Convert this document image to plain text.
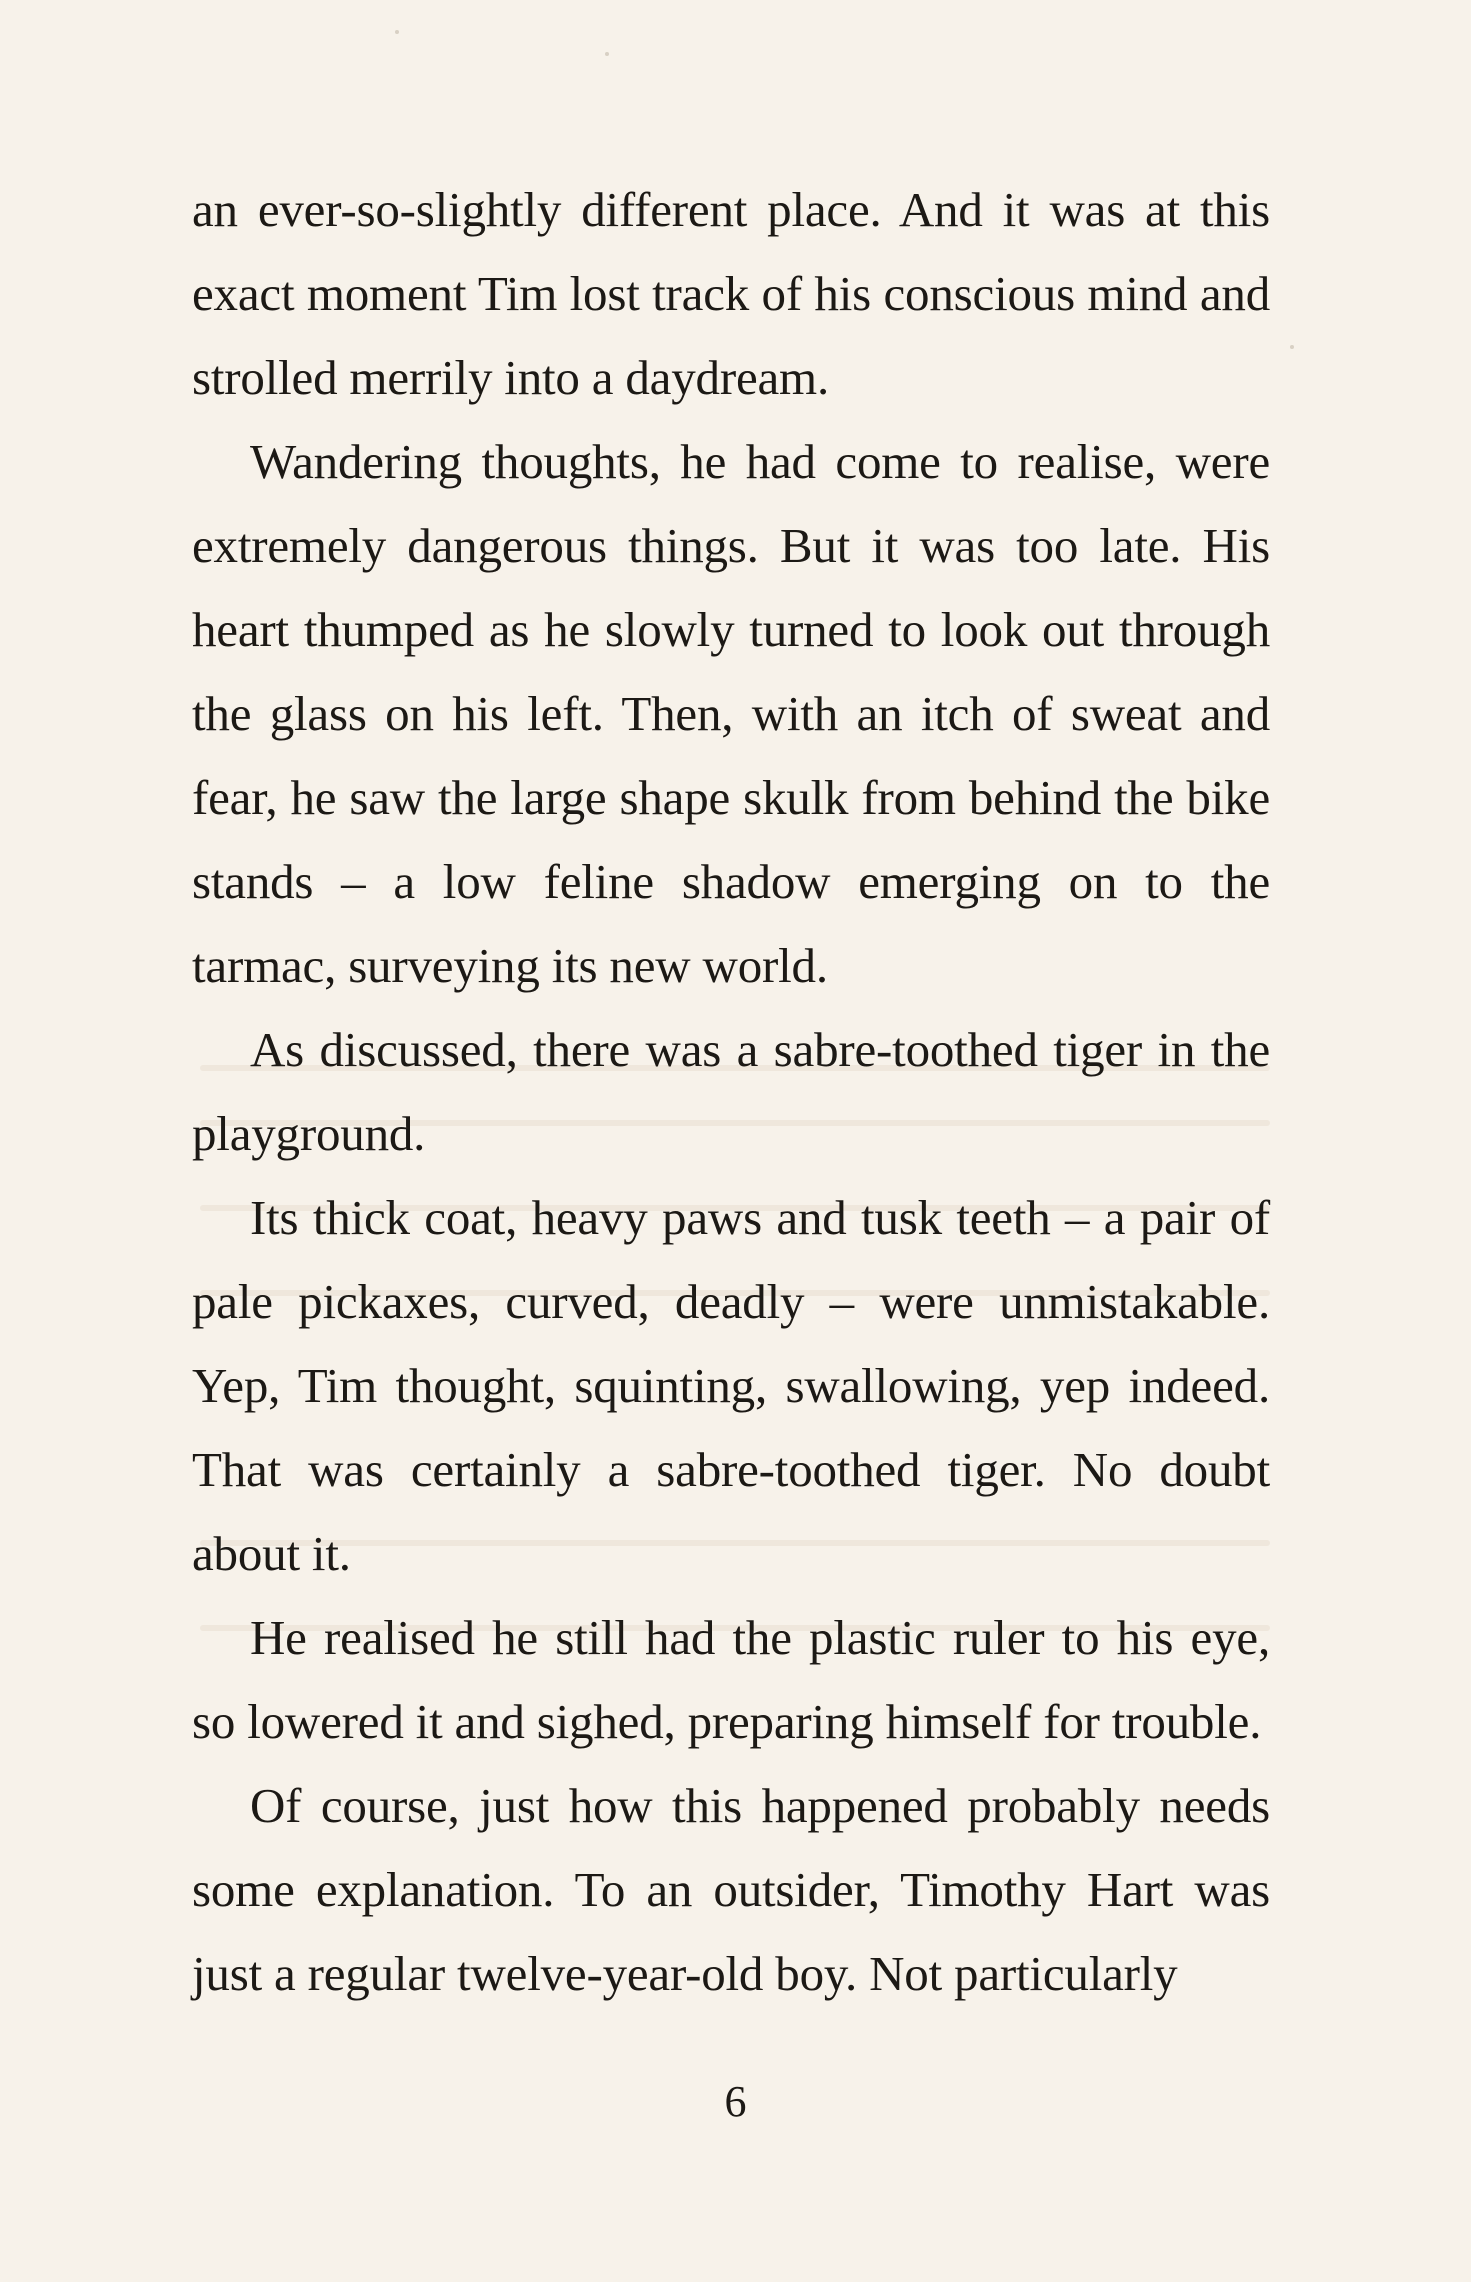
an ever-so-slightly different place. And it was at this exact moment Tim lost track of his conscious mind and strolled merrily into a daydream.

Wandering thoughts, he had come to realise, were extremely dangerous things. But it was too late. His heart thumped as he slowly turned to look out through the glass on his left. Then, with an itch of sweat and fear, he saw the large shape skulk from behind the bike stands – a low feline shadow emerging on to the tarmac, surveying its new world.

As discussed, there was a sabre-toothed tiger in the playground.

Its thick coat, heavy paws and tusk teeth – a pair of pale pickaxes, curved, deadly – were unmistakable. Yep, Tim thought, squinting, swallowing, yep indeed. That was certainly a sabre-toothed tiger. No doubt about it.

He realised he still had the plastic ruler to his eye, so lowered it and sighed, preparing himself for trouble.

Of course, just how this happened probably needs some explanation. To an outsider, Timothy Hart was just a regular twelve-year-old boy. Not particularly

6
